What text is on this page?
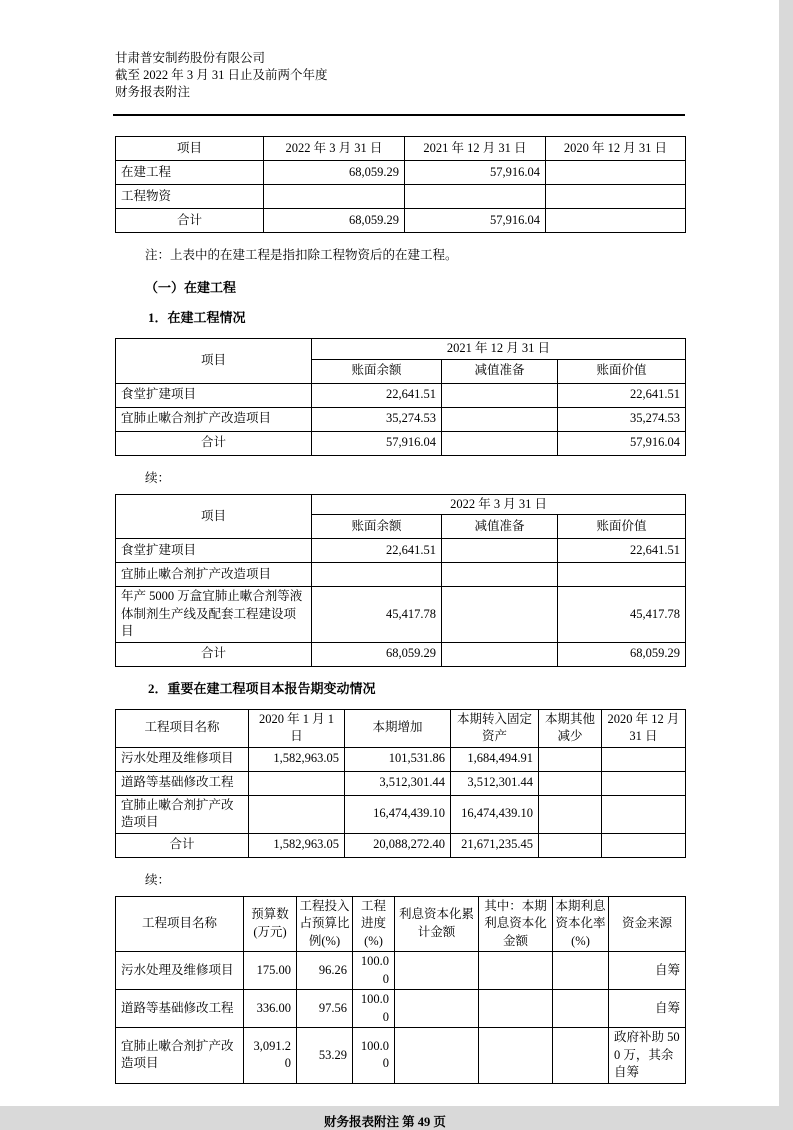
甘肃普安制药股份有限公司
截至 2022 年 3 月 31 日止及前两个年度
财务报表附注
项目	2022 年 3 月 31 日	2021 年 12 月 31 日	2020 年 12 月 31 日
在建工程	68,059.29	57,916.04	
工程物资			
合计	68,059.29	57,916.04	
注：上表中的在建工程是指扣除工程物资后的在建工程。
（一）在建工程
1．在建工程情况
项目	2021 年 12 月 31 日		
	账面余额	减值准备	账面价值
食堂扩建项目	22,641.51		22,641.51
宜肺止嗽合剂扩产改造项目	35,274.53		35,274.53
合计	57,916.04		57,916.04
续：
项目	2022 年 3 月 31 日		
	账面余额	减值准备	账面价值
食堂扩建项目	22,641.51		22,641.51
宜肺止嗽合剂扩产改造项目			
年产 5000 万盒宜肺止嗽合剂等液体制剂生产线及配套工程建设项目	45,417.78		45,417.78
合计	68,059.29		68,059.29
2．重要在建工程项目本报告期变动情况
工程项目名称	2020 年 1 月 1 日	本期增加	本期转入固定资产	本期其他减少	2020 年 12 月 31 日
污水处理及维修项目	1,582,963.05	101,531.86	1,684,494.91		
道路等基础修改工程		3,512,301.44	3,512,301.44		
宜肺止嗽合剂扩产改造项目		16,474,439.10	16,474,439.10		
合计	1,582,963.05	20,088,272.40	21,671,235.45		
续：
工程项目名称	预算数(万元)	工程投入占预算比例(%)	工程进度(%)	利息资本化累计金额	其中：本期利息资本化金额	本期利息资本化率(%)	资金来源
污水处理及维修项目	175.00	96.26	100.00				自筹
道路等基础修改工程	336.00	97.56	100.00				自筹
宜肺止嗽合剂扩产改造项目	3,091.20	53.29	100.00				政府补助 500 万，其余自筹
财务报表附注 第 49 页
